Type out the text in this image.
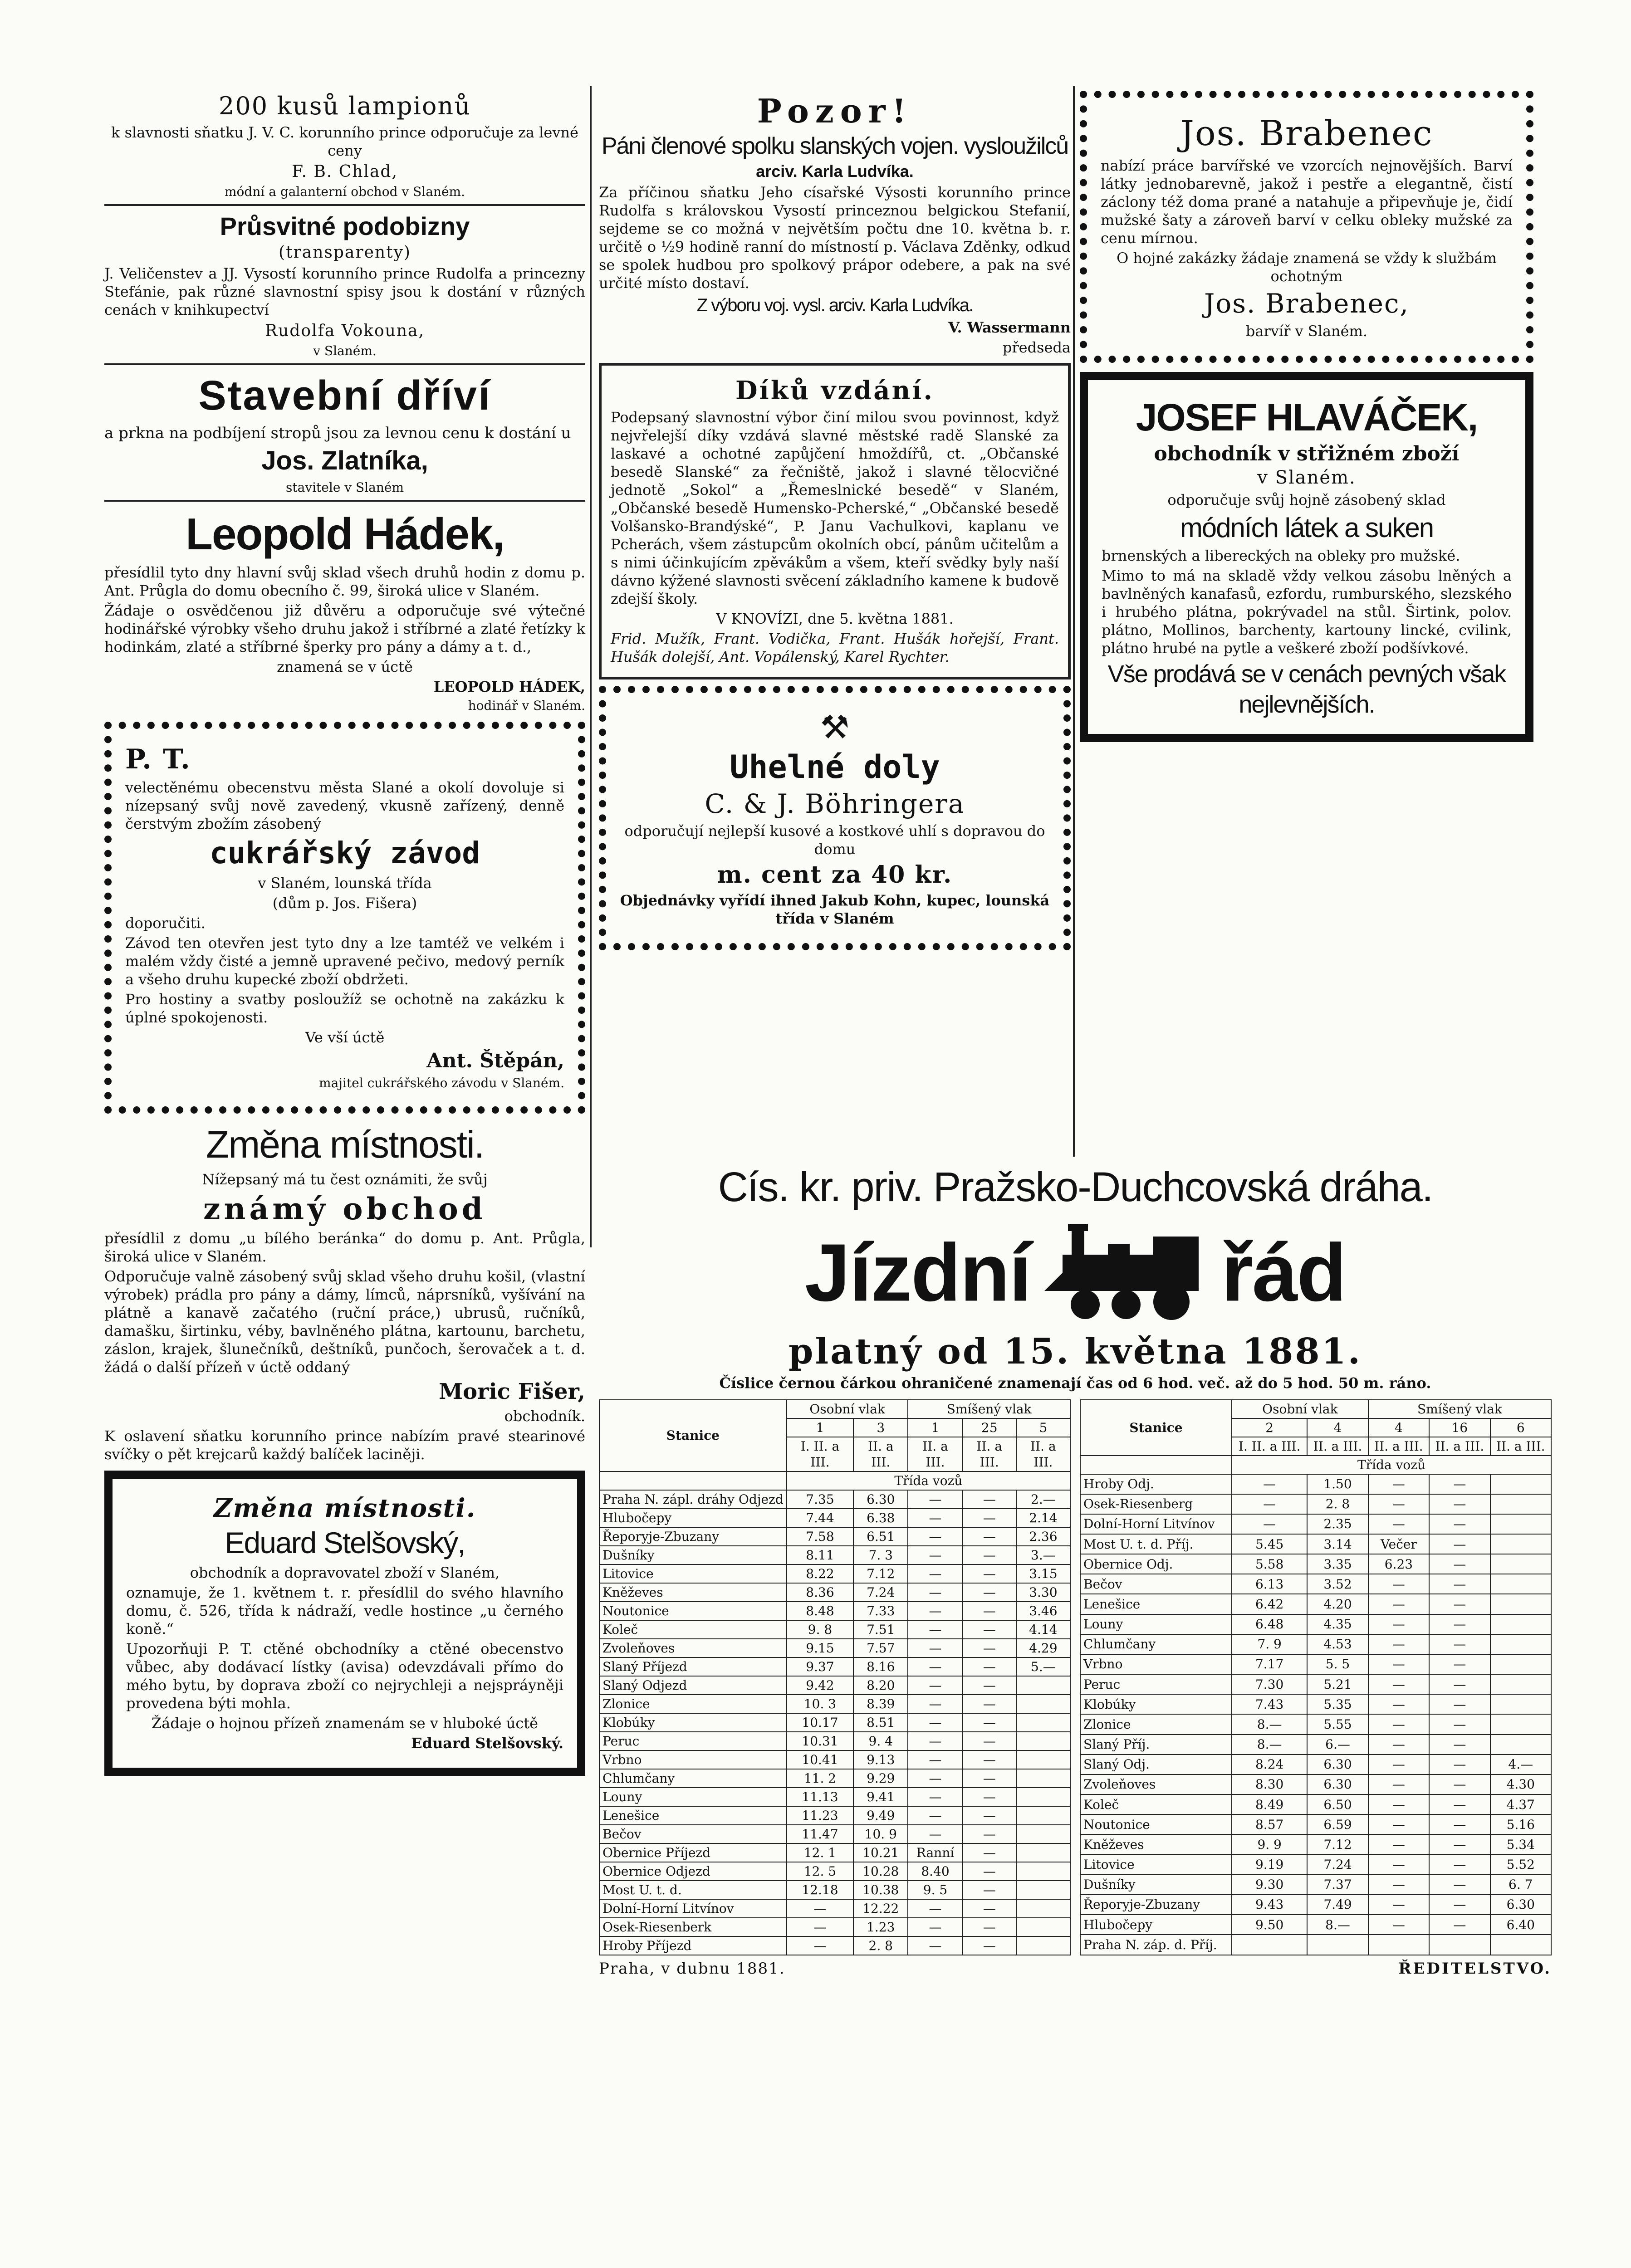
200 kusů lampionů

k slavnosti sňatku J. V. C. korunního prince odporučuje za levné ceny

F. B. Chlad,

módní a galanterní obchod v Slaném.

Průsvitné podobizny
(transparenty)

J. Veličenstev a JJ. Vysostí korunního prince Rudolfa a princezny Stefánie, pak různé slavnostní spisy jsou k dostání v různých cenách v knihkupectví

Rudolfa Vokouna,

v Slaném.

Stavební dříví

a prkna na podbíjení stropů jsou za levnou cenu k dostání u

Jos. Zlatníka,

stavitele v Slaném

Leopold Hádek,

přesídlil tyto dny hlavní svůj sklad všech druhů hodin z domu p. Ant. Průgla do domu obecního č. 99, široká ulice v Slaném.

Žádaje o osvědčenou již důvěru a odporučuje své výtečné hodinářské výrobky všeho druhu jakož i stříbrné a zlaté řetízky k hodinkám, zlaté a stříbrné šperky pro pány a dámy a t. d.,

znamená se v úctě

LEOPOLD HÁDEK,

hodinář v Slaném.

P. T.

velectěnému obecenstvu města Slané a okolí dovoluje si nízepsaný svůj nově zavedený, vkusně zařízený, denně čerstvým zbožím zásobený

cukrářský závod

v Slaném, lounská třída

(dům p. Jos. Fišera)

doporučiti.

Závod ten otevřen jest tyto dny a lze tamtéž ve velkém i malém vždy čisté a jemně upravené pečivo, medový perník a všeho druhu kupecké zboží obdržeti.

Pro hostiny a svatby posloužíž se ochotně na zakázku k úplné spokojenosti.

Ve vší úctě

Ant. Štěpán,

majitel cukrářského závodu v Slaném.

Změna místnosti.

Nížepsaný má tu čest oznámiti, že svůj

známý obchod

přesídlil z domu „u bílého beránka“ do domu p. Ant. Průgla, široká ulice v Slaném.

Odporučuje valně zásobený svůj sklad všeho druhu košil, (vlastní výrobek) prádla pro pány a dámy, límců, náprsníků, vyšívání na plátně a kanavě začatého (ruční práce,) ubrusů, ručníků, damašku, širtinku, véby, bavlněného plátna, kartounu, barchetu, záslon, krajek, šlunečníků, deštníků, punčoch, šerovaček a t. d. žádá o další přízeň v úctě oddaný

Moric Fišer,

obchodník.

K oslavení sňatku korunního prince nabízím pravé stearinové svíčky o pět krejcarů každý balíček laciněji.

Změna místnosti.
Eduard Stelšovský,

obchodník a dopravovatel zboží v Slaném,

oznamuje, že 1. květnem t. r. přesídlil do svého hlavního domu, č. 526, třída k nádraží, vedle hostince „u černého koně.“

Upozorňuji P. T. ctěné obchodníky a ctěné obecenstvo vůbec, aby dodávací lístky (avisa) odevzdávali přímo do mého bytu, by doprava zboží co nejrychleji a nejspráyněji provedena býti mohla.

Žádaje o hojnou přízeň znamenám se v hluboké úctě

Eduard Stelšovský.

Pozor!
Páni členové spolku slanských vojen. vysloužilců
arciv. Karla Ludvíka.

Za příčinou sňatku Jeho císařské Výsosti korunního prince Rudolfa s královskou Vysostí princeznou belgickou Stefanií, sejdeme se co možná v největším počtu dne 10. května b. r. určitě o ½9 hodině ranní do místností p. Václava Zděnky, odkud se spolek hudbou pro spolkový prápor odebere, a pak na své určité místo dostaví.

Z výboru voj. vysl. arciv. Karla Ludvíka.

V. Wassermann

předseda

Díků vzdání.

Podepsaný slavnostní výbor činí milou svou povinnost, když nejvřelejší díky vzdává slavné městské radě Slanské za laskavé a ochotné zapůjčení hmoždířů, ct. „Občanské besedě Slanské“ za řečniště, jakož i slavné tělocvičné jednotě „Sokol“ a „Řemeslnické besedě“ v Slaném, „Občanské besedě Humensko-Pcherské,“ „Občanské besedě Volšansko-Brandýské“, P. Janu Vachulkovi, kaplanu ve Pcherách, všem zástupcům okolních obcí, pánům učitelům a s nimi účinkujícím zpěvákům a všem, kteří svědky byly naší dávno kýžené slavnosti svěcení základního kamene k budově zdejší školy.

V KNOVÍZI, dne 5. května 1881.

Frid. Mužík, Frant. Vodička, Frant. Hušák hořejší, Frant. Hušák dolejší, Ant. Vopálenský, Karel Rychter.

⚒
Uhelné doly
C. & J. Böhringera

odporučují nejlepší kusové a kostkové uhlí s dopravou do domu

m. cent za 40 kr.

Objednávky vyřídí ihned Jakub Kohn, kupec, lounská třída v Slaném

Jos. Brabenec

nabízí práce barvířské ve vzorcích nejnovějších. Barví látky jednobarevně, jakož i pestře a elegantně, čistí záclony též doma prané a natahuje a připevňuje je, čidí mužské šaty a zároveň barví v celku obleky mužské za cenu mírnou.

O hojné zakázky žádaje znamená se vždy k službám ochotným

Jos. Brabenec,

barvíř v Slaném.

JOSEF HLAVÁČEK,
obchodník v střižném zboží
v Slaném.

odporučuje svůj hojně zásobený sklad

módních látek a suken

brnenských a libereckých na obleky pro mužské.

Mimo to má na skladě vždy velkou zásobu lněných a bavlněných kanafasů, ezfordu, rumburského, slezského i hrubého plátna, pokrývadel na stůl. Širtink, polov. plátno, Mollinos, barchenty, kartouny lincké, cvilink, plátno hrubé na pytle a veškeré zboží podšívkové.

Vše prodává se v cenách pevných však nejlevnějších.
Cís. kr. priv. Pražsko-Duchcovská dráha.
Jízdní řád
platný od 15. května 1881.
Číslice černou čárkou ohraničené znamenají čas od 6 hod. več. až do 5 hod. 50 m. ráno.
Stanice	Osobní vlak		Smíšený vlak		
	1	3	1	25	5
	I. II. a III.	II. a III.	II. a III.	II. a III.	II. a III.
	Třída vozů				
Praha N. zápl. dráhy Odjezd	7.35	6.30	—	—	2.—
Hlubočepy	7.44	6.38	—	—	2.14
Řeporyje-Zbuzany	7.58	6.51	—	—	2.36
Dušníky	8.11	7. 3	—	—	3.—
Litovice	8.22	7.12	—	—	3.15
Kněževes	8.36	7.24	—	—	3.30
Noutonice	8.48	7.33	—	—	3.46
Koleč	9. 8	7.51	—	—	4.14
Zvoleňoves	9.15	7.57	—	—	4.29
Slaný Příjezd	9.37	8.16	—	—	5.—
Slaný Odjezd	9.42	8.20	—	—	
Zlonice	10. 3	8.39	—	—	
Klobúky	10.17	8.51	—	—	
Peruc	10.31	9. 4	—	—	
Vrbno	10.41	9.13	—	—	
Chlumčany	11. 2	9.29	—	—	
Louny	11.13	9.41	—	—	
Lenešice	11.23	9.49	—	—	
Bečov	11.47	10. 9	—	—	
Obernice Příjezd	12. 1	10.21	Ranní	—	
Obernice Odjezd	12. 5	10.28	8.40	—	
Most U. t. d.	12.18	10.38	9. 5	—	
Dolní-Horní Litvínov	—	12.22	—	—	
Osek-Riesenberk	—	1.23	—	—	
Hroby Příjezd	—	2. 8	—	—	
Stanice	Osobní vlak		Smíšený vlak		
	2	4	4	16	6
	I. II. a III.	II. a III.	II. a III.	II. a III.	II. a III.
	Třída vozů				
Hroby Odj.	—	1.50	—	—	
Osek-Riesenberg	—	2. 8	—	—	
Dolní-Horní Litvínov	—	2.35	—	—	
Most U. t. d. Příj.	5.45	3.14	Večer	—	
Obernice Odj.	5.58	3.35	6.23	—	
Bečov	6.13	3.52	—	—	
Lenešice	6.42	4.20	—	—	
Louny	6.48	4.35	—	—	
Chlumčany	7. 9	4.53	—	—	
Vrbno	7.17	5. 5	—	—	
Peruc	7.30	5.21	—	—	
Klobúky	7.43	5.35	—	—	
Zlonice	8.—	5.55	—	—	
Slaný Příj.	8.—	6.—	—	—	
Slaný Odj.	8.24	6.30	—	—	4.—
Zvoleňoves	8.30	6.30	—	—	4.30
Koleč	8.49	6.50	—	—	4.37
Noutonice	8.57	6.59	—	—	5.16
Kněževes	9. 9	7.12	—	—	5.34
Litovice	9.19	7.24	—	—	5.52
Dušníky	9.30	7.37	—	—	6. 7
Řeporyje-Zbuzany	9.43	7.49	—	—	6.30
Hlubočepy	9.50	8.—	—	—	6.40
Praha N. záp. d. Příj.					
Praha, v dubnu 1881.	ŘEDITELSTVO.
